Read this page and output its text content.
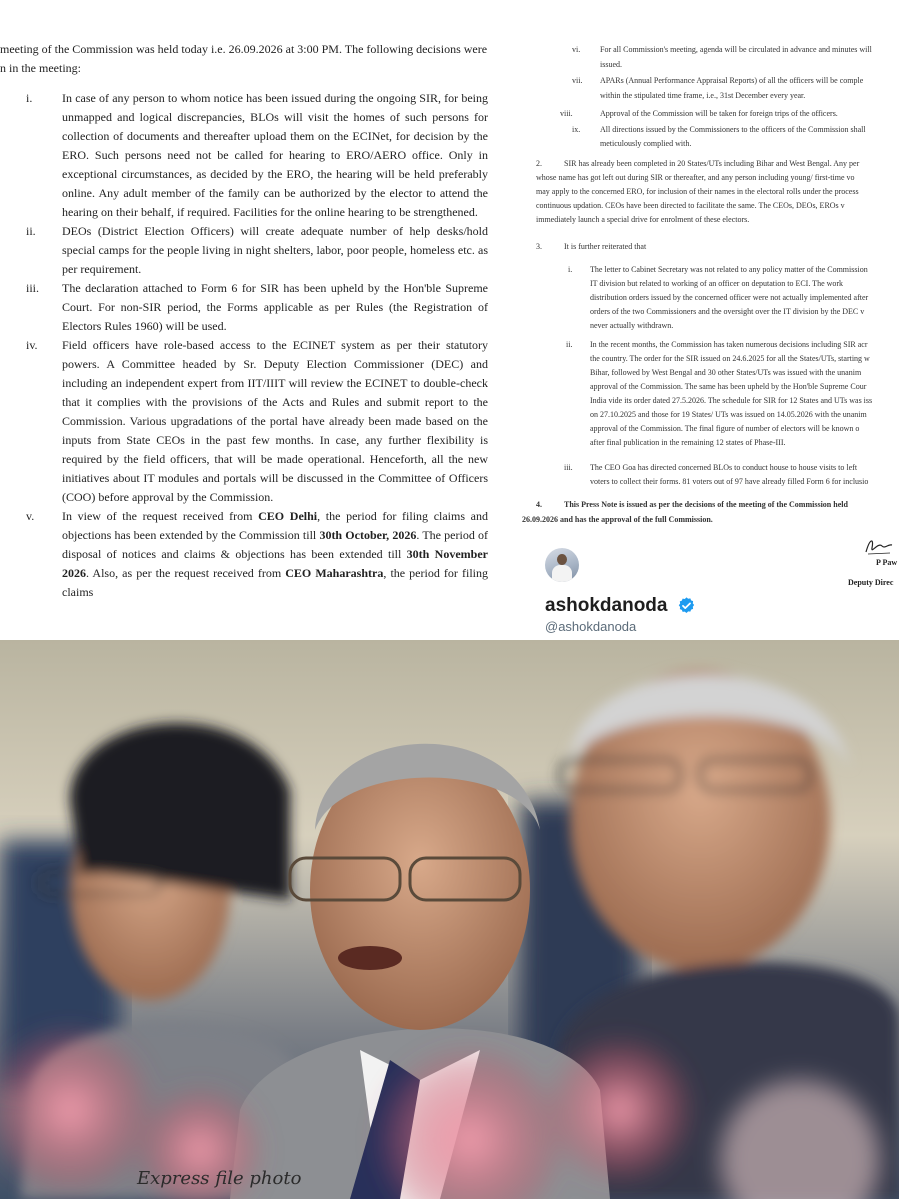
meeting of the Commission was held today i.e. 26.09.2026 at 3:00 PM. The following decisions were

n in the meeting:

i. In case of any person to whom notice has been issued during the ongoing SIR, for being unmapped and logical discrepancies, BLOs will visit the homes of such persons for collection of documents and thereafter upload them on the ECINet, for decision by the ERO. Such persons need not be called for hearing to ERO/AERO office. Only in exceptional circumstances, as decided by the ERO, the hearing will be held preferably online. Any adult member of the family can be authorized by the elector to attend the hearing on their behalf, if required. Facilities for the online hearing to be strengthened.

ii. DEOs (District Election Officers) will create adequate number of help desks/hold special camps for the people living in night shelters, labor, poor people, homeless etc. as per requirement.

iii. The declaration attached to Form 6 for SIR has been upheld by the Hon'ble Supreme Court. For non-SIR period, the Forms applicable as per Rules (the Registration of Electors Rules 1960) will be used.

iv. Field officers have role-based access to the ECINET system as per their statutory powers. A Committee headed by Sr. Deputy Election Commissioner (DEC) and including an independent expert from IIT/IIIT will review the ECINET to double-check that it complies with the provisions of the Acts and Rules and submit report to the Commission. Various upgradations of the portal have already been made based on the inputs from State CEOs in the past few months. In case, any further flexibility is required by the field officers, that will be made operational. Henceforth, all the new initiatives about IT modules and portals will be discussed in the Committee of Officers (COO) before approval by the Commission.

v. In view of the request received from CEO Delhi, the period for filing claims and objections has been extended by the Commission till 30th October, 2026. The period of disposal of notices and claims & objections has been extended till 30th November 2026. Also, as per the request received from CEO Maharashtra, the period for filing claims

vi. For all Commission's meeting, agenda will be circulated in advance and minutes will
issued.
vii. APARs (Annual Performance Appraisal Reports) of all the officers will be comple
within the stipulated time frame, i.e., 31st December every year.
viii.	Approval of the Commission will be taken for foreign trips of the officers.
ix. All directions issued by the Commissioners to the officers of the Commission shall
meticulously complied with.
2.	SIR has already been completed in 20 States/UTs including Bihar and West Bengal. Any per
whose name has got left out during SIR or thereafter, and any person including young/ first-time vo
may apply to the concerned ERO, for inclusion of their names in the electoral rolls under the process
continuous updation. CEOs have been directed to facilitate the same. The CEOs, DEOs, EROs v
immediately launch a special drive for enrolment of these electors.
3.	It is further reiterated that
i. The letter to Cabinet Secretary was not related to any policy matter of the Commission
IT division but related to working of an officer on deputation to ECI. The work
distribution orders issued by the concerned officer were not actually implemented after
orders of the two Commissioners and the oversight over the IT division by the DEC v
never actually withdrawn.
ii. In the recent months, the Commission has taken numerous decisions including SIR acr
the country. The order for the SIR issued on 24.6.2025 for all the States/UTs, starting w
Bihar, followed by West Bengal and 30 other States/UTs was issued with the unanim
approval of the Commission. The same has been upheld by the Hon'ble Supreme Cour
India vide its order dated 27.5.2026. The schedule for SIR for 12 States and UTs was iss
on 27.10.2025 and those for 19 States/ UTs was issued on 14.05.2026 with the unanim
approval of the Commission. The final figure of number of electors will be known o
after final publication in the remaining 12 states of Phase-III.
iii. The CEO Goa has directed concerned BLOs to conduct house to house visits to left
voters to collect their forms. 81 voters out of 97 have already filled Form 6 for inclusio
4.	This Press Note is issued as per the decisions of the meeting of the Commission held
26.09.2026 and has the approval of the full Commission.
P Paw
Deputy Direc
ashokdanoda
@ashokdanoda
Express file photo
